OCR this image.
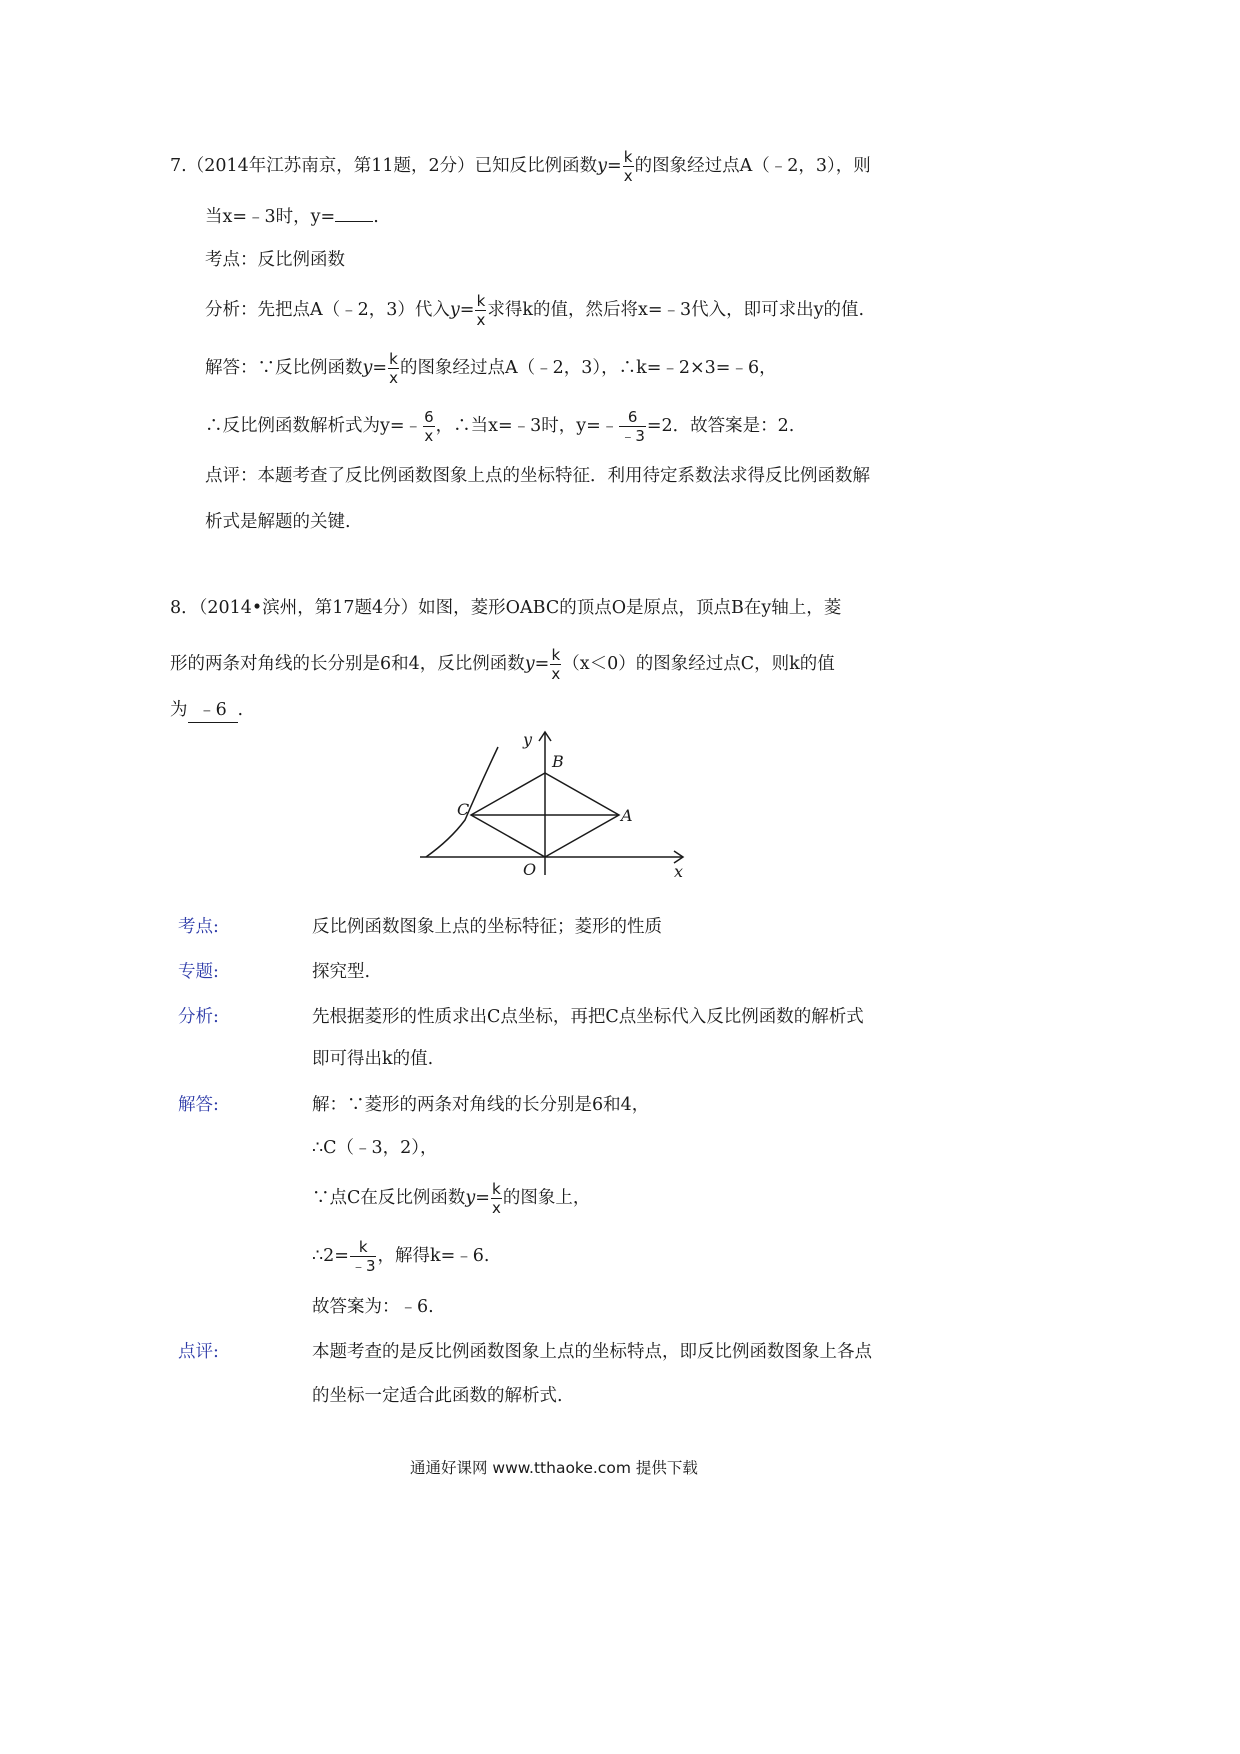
7.（2014年江苏南京，第11题，2分）已知反比例函数$y= \frac{k}{x}$ 的图象经过点A（﹣2，3），则
当x=﹣3时，y= .
考点：反比例函数
分析：先把点A（﹣2，3）代入$y= \frac{k}{x}$ 求得k的值，然后将x=﹣3代入，即可求出y的值.
解答：∵反比例函数$y= \frac{k}{x}$ 的图象经过点A（﹣2，3），∴k=﹣2×3=﹣6，
∴反比例函数解析式为y=﹣ $\frac{6}{x}$ ，∴当x=﹣3时，y=﹣ $\frac{6}{﹣3} =2$．故答案是：2.
点评：本题考查了反比例函数图象上点的坐标特征．利用待定系数法求得反比例函数解
析式是解题的关键.
8．（2014•滨州，第17题4分）如图，菱形OABC的顶点O是原点，顶点B在y轴上，菱
形的两条对角线的长分别是6和4，反比例函数$y= \frac{k}{x} (x<0)$的图象经过点C，则k的值
为 ﹣6 .
y
B
C	A
O	x
考点:	反比例函数图象上点的坐标特征；菱形的性质
专题:	探究型.
分析:	先根据菱形的性质求出C点坐标，再把C点坐标代入反比例函数的解析式
即可得出k的值.
解答:	解：∵菱形的两条对角线的长分别是6和4，
∴C（﹣3，2），
∵点C在反比例函数$y= \frac{k}{x}$ 的图象上，
∴2= $\frac{k}{﹣3}$ ，解得k=﹣6.
故答案为：﹣6.
点评:	本题考查的是反比例函数图象上点的坐标特点，即反比例函数图象上各点
的坐标一定适合此函数的解析式.
通通好课网 www.tthaoke.com 提供下载
